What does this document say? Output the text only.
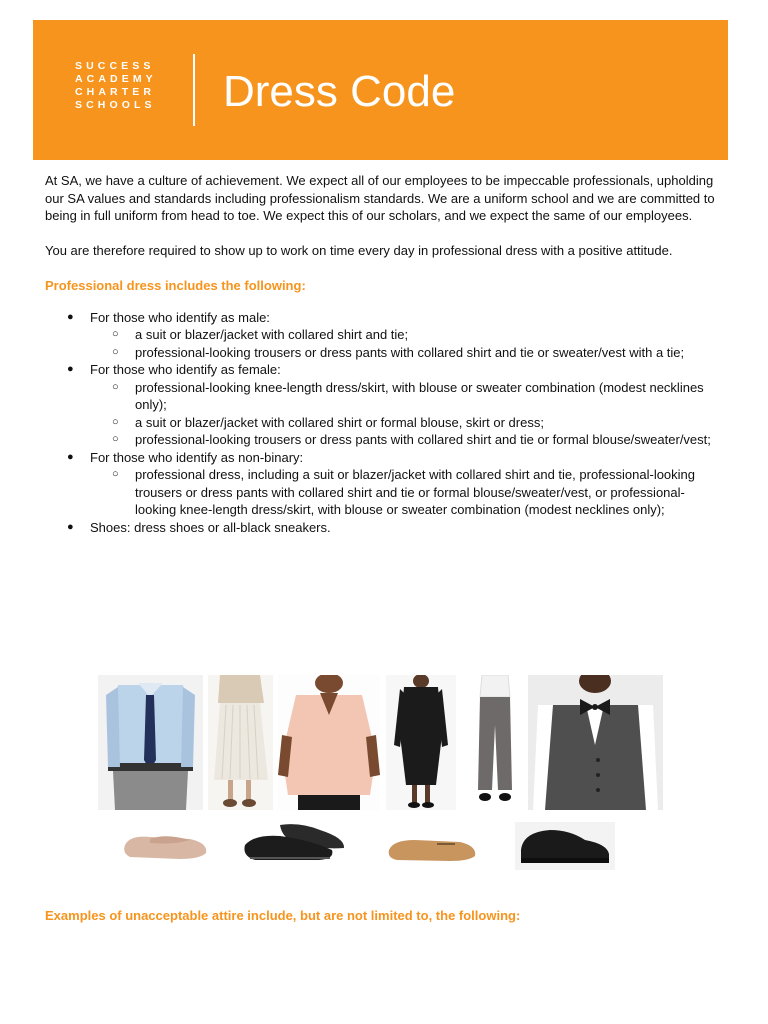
SUCCESS
ACADEMY
CHARTER
SCHOOLS Dress Code

At SA, we have a culture of achievement. We expect all of our employees to be impeccable professionals, upholding our SA values and standards including professionalism standards. We are a uniform school and we are committed to being in full uniform from head to toe. We expect this of our scholars, and we expect the same of our employees.

You are therefore required to show up to work on time every day in professional dress with a positive attitude.

Professional dress includes the following:

● For those who identify as male:
○ a suit or blazer/jacket with collared shirt and tie;
○ professional-looking trousers or dress pants with collared shirt and tie or sweater/vest with a tie;
● For those who identify as female:
○ professional-looking knee-length dress/skirt, with blouse or sweater combination (modest necklines only);
○ a suit or blazer/jacket with collared shirt or formal blouse, skirt or dress;
○ professional-looking trousers or dress pants with collared shirt and tie or formal blouse/sweater/vest;
● For those who identify as non-binary:
○ professional dress, including a suit or blazer/jacket with collared shirt and tie, professional-looking trousers or dress pants with collared shirt and tie or formal blouse/sweater/vest, or professional-looking knee-length dress/skirt, with blouse or sweater combination (modest necklines only);
● Shoes: dress shoes or all-black sneakers.

Examples of unacceptable attire include, but are not limited to, the following:
